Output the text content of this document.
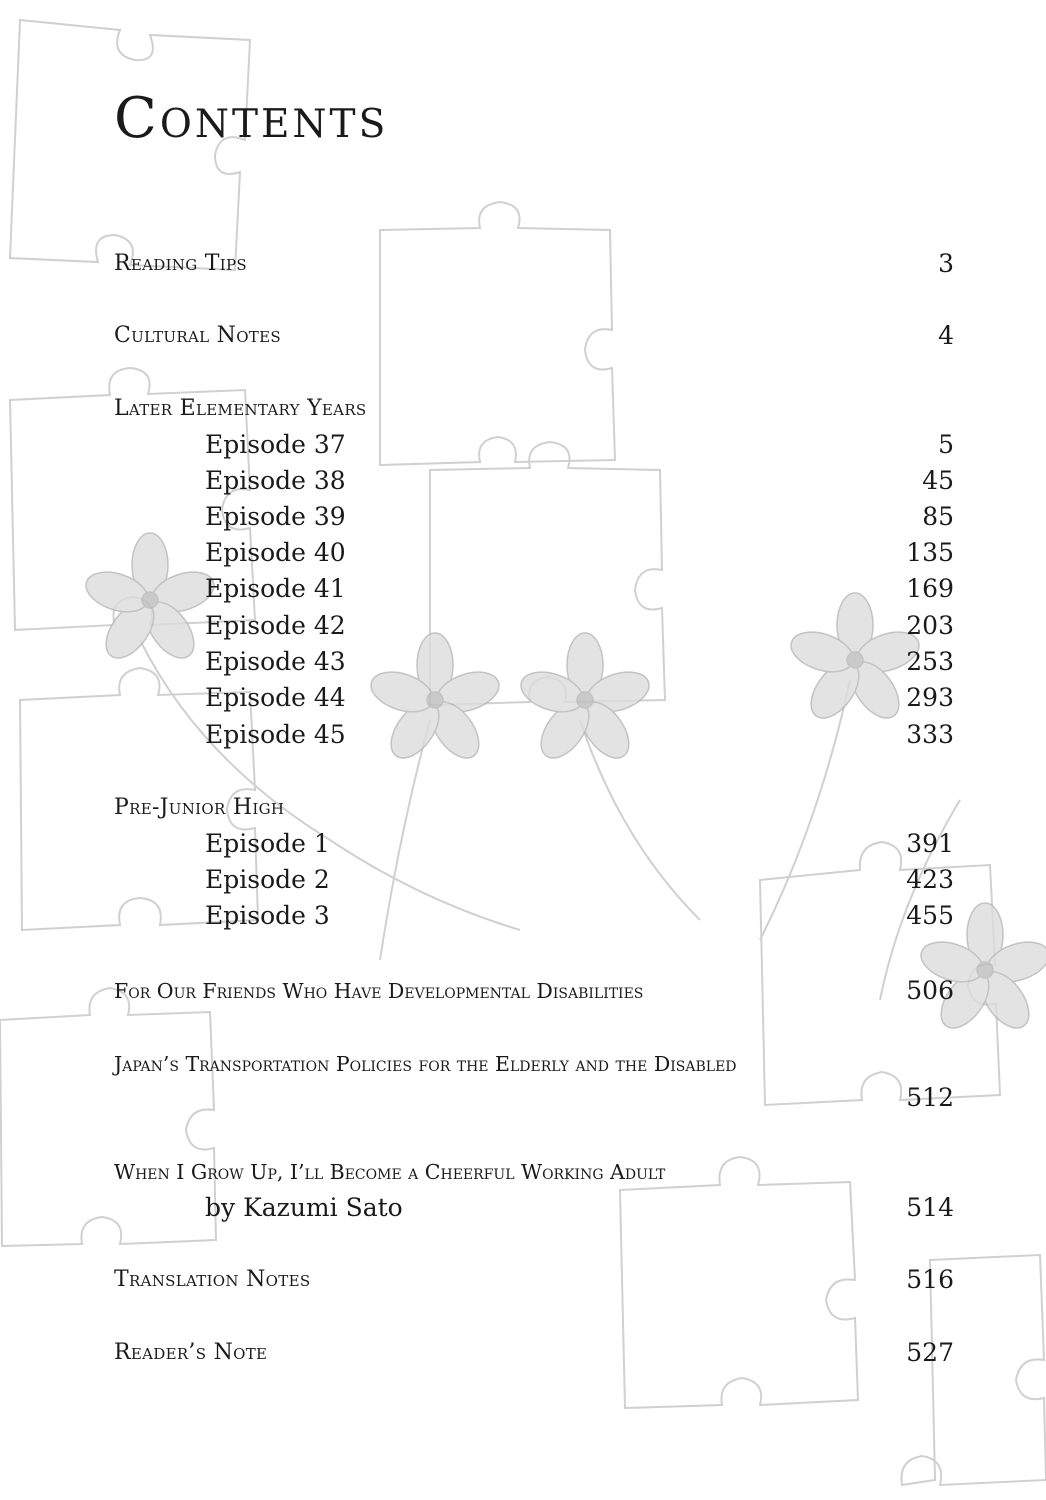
Contents
Reading Tips	3
Cultural Notes	4
Later Elementary Years
Episode 37	5
Episode 38	45
Episode 39	85
Episode 40	135
Episode 41	169
Episode 42	203
Episode 43	253
Episode 44	293
Episode 45	333
Pre-Junior High
Episode 1	391
Episode 2	423
Episode 3	455
For Our Friends Who Have Developmental Disabilities	506
Japan’s Transportation Policies for the Elderly and the Disabled
512
When I Grow Up, I’ll Become a Cheerful Working Adult
by Kazumi Sato	514
Translation Notes	516
Reader’s Note	527
